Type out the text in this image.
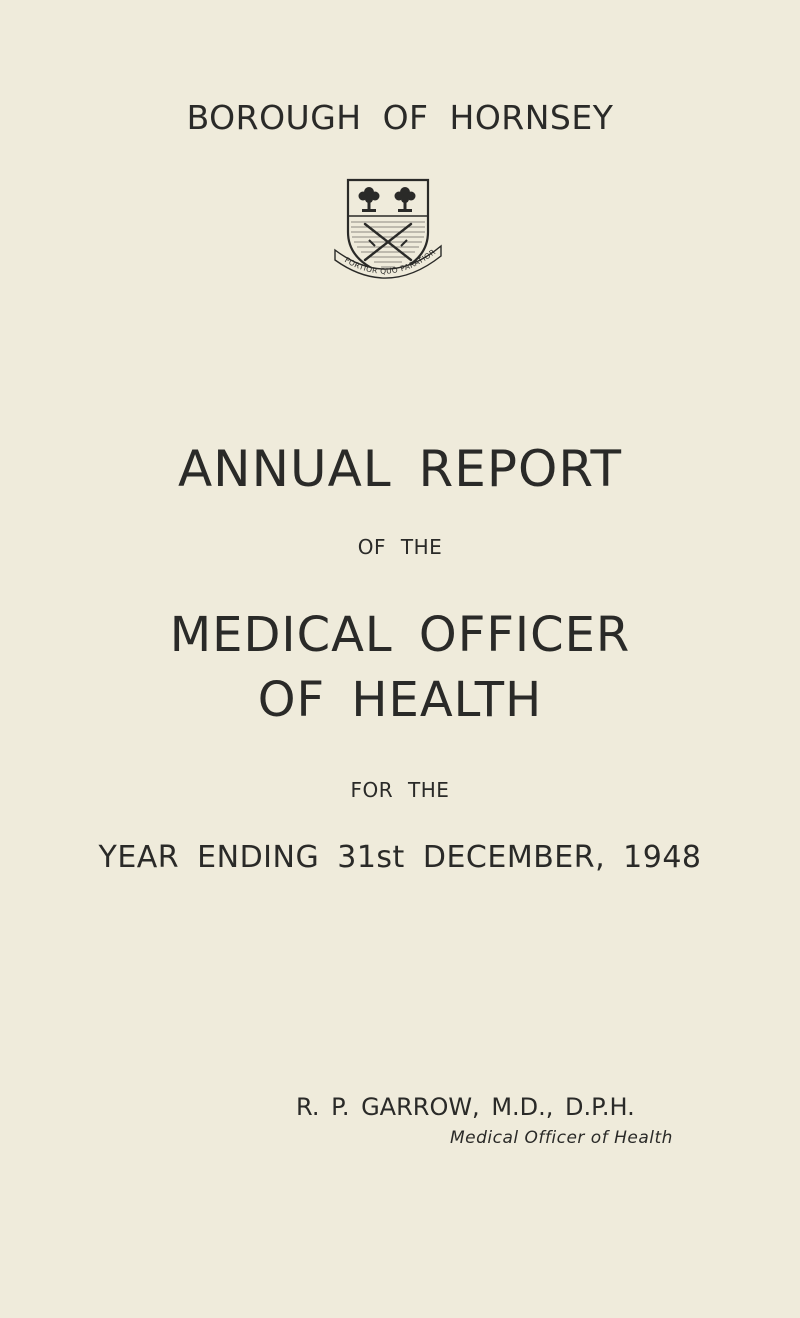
BOROUGH OF HORNSEY
FORTIOR QUO PARATIOR
ANNUAL REPORT
OF THE
MEDICAL OFFICER
OF HEALTH
FOR THE
YEAR ENDING 31st DECEMBER, 1948
R. P. GARROW, M.D., D.P.H.
Medical Officer of Health
